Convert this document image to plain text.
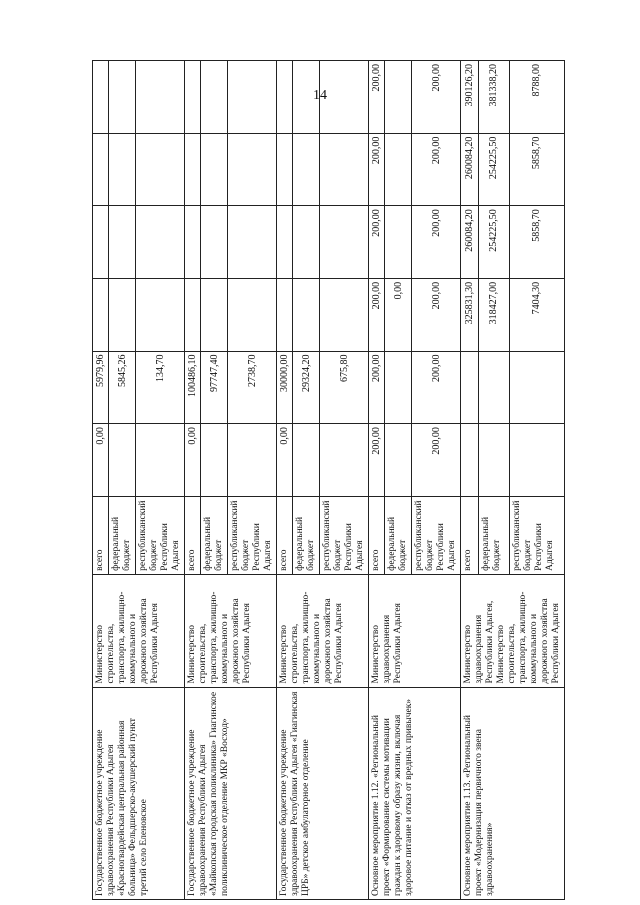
14
Государственное бюджетное учреждение здравоохранения Республики Адыгея «Красногвардейская центральная районная больница» Фельдшерско-акушерский пункт третий село Еленовское	Министерство строительства, транспорта, жилищно-коммунального и дорожного хозяйства Республики Адыгея	всего	0,00	5979,96				
		федеральный бюджет		5845,26				
		республиканский бюджет Республики Адыгея		134,70				
Государственное бюджетное учреждение здравоохранения Республики Адыгея «Майкопская городская поликлиника» Гиагинское поликлиническое отделение МКР «Восход»	Министерство строительства, транспорта, жилищно-коммунального и дорожного хозяйства Республики Адыгея	всего	0,00	100486,10				
		федеральный бюджет		97747,40				
		республиканский бюджет Республики Адыгея		2738,70				
Государственное бюджетное учреждение здравоохранения Республики Адыгея «Гиагинская ЦРБ» детское амбулаторное отделение	Министерство строительства, транспорта, жилищно-коммунального и дорожного хозяйства Республики Адыгея	всего	0,00	30000,00				
		федеральный бюджет		29324,20				
		республиканский бюджет Республики Адыгея		675,80				
Основное мероприятие 1.12. «Региональный проект «Формирование системы мотивации граждан к здоровому образу жизни, включая здоровое питание и отказ от вредных привычек»	Министерство здравоохранения Республики Адыгея	всего	200,00	200,00	200,00	200,00	200,00	200,00
		федеральный бюджет			0,00			
		республиканский бюджет Республики Адыгея	200,00	200,00	200,00	200,00	200,00	200,00
Основное мероприятие 1.13. «Региональный проект «Модернизация первичного звена здравоохранения»	Министерство здравоохранения Республики Адыгея, Министерство строительства, транспорта, жилищно-коммунального и дорожного хозяйства Республики Адыгея	всего			325831,30	260084,20	260084,20	390126,20
		федеральный бюджет			318427,00	254225,50	254225,50	381338,20
		республиканский бюджет Республики Адыгея			7404,30	5858,70	5858,70	8788,00
